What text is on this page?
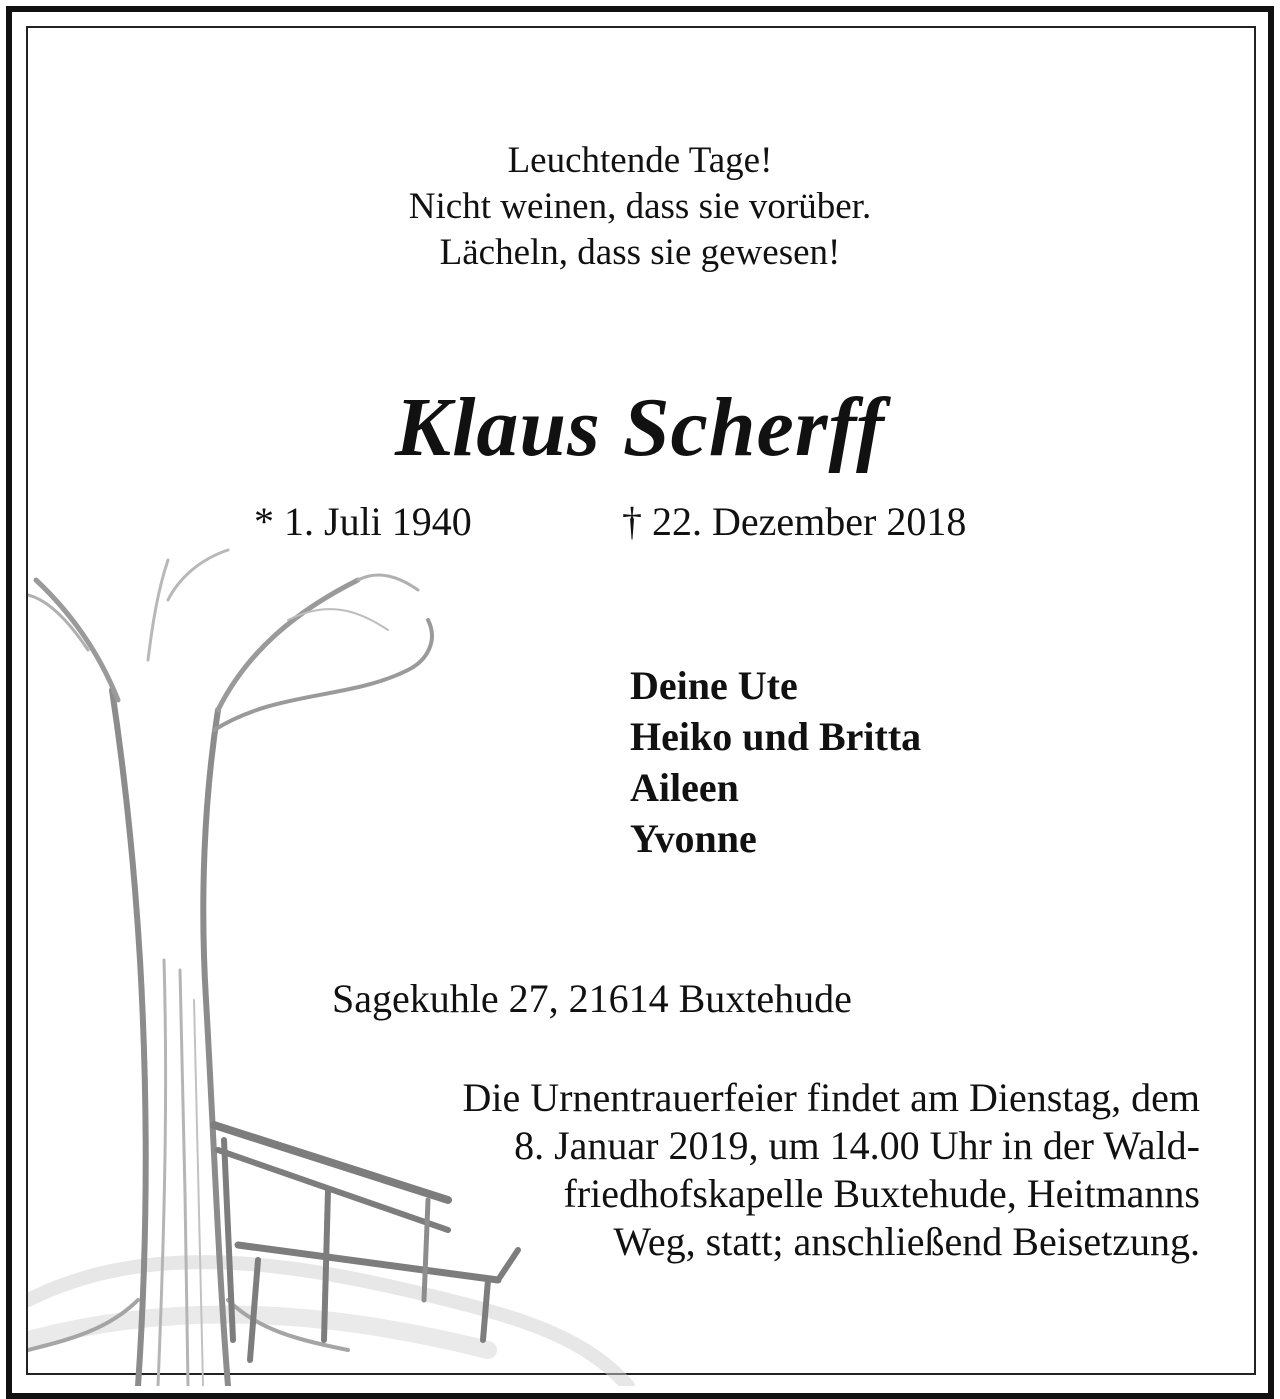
Leuchtende Tage!
Nicht weinen, dass sie vorüber.
Lächeln, dass sie gewesen!
Klaus Scherff
* 1. Juli 1940	† 22. Dezember 2018
Deine Ute
Heiko und Britta
Aileen
Yvonne
Sagekuhle 27, 21614 Buxtehude
Die Urnentrauerfeier findet am Dienstag, dem
8. Januar 2019, um 14.00 Uhr in der Wald-
friedhofskapelle Buxtehude, Heitmanns
Weg, statt; anschließend Beisetzung.
